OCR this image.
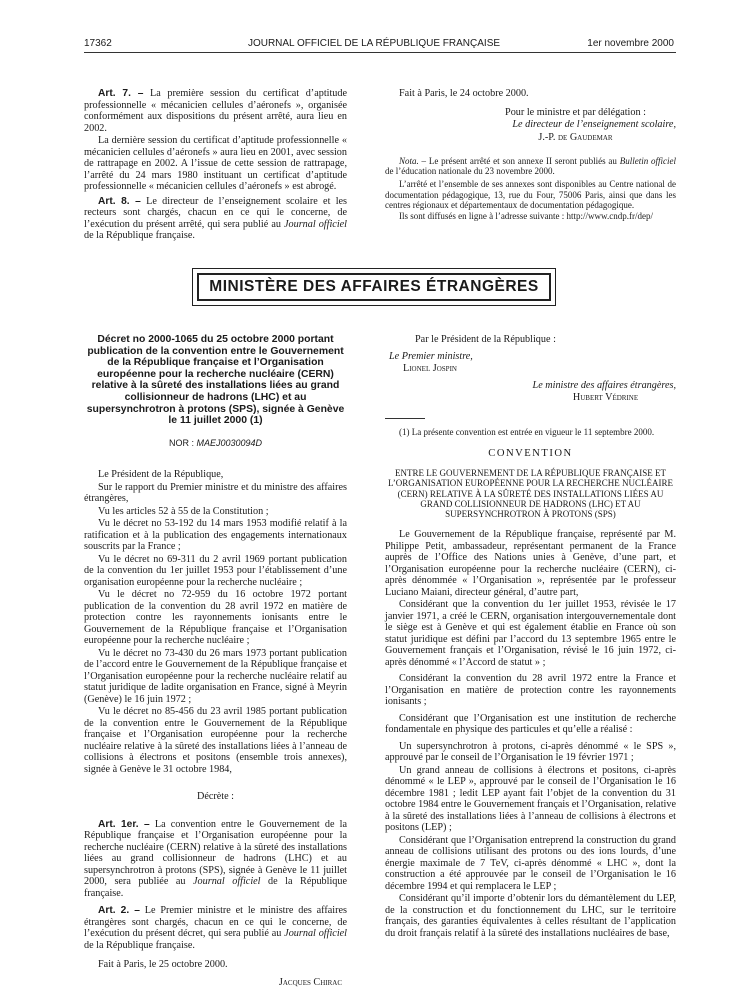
17362	JOURNAL OFFICIEL DE LA RÉPUBLIQUE FRANÇAISE	1er novembre 2000

Art. 7. – La première session du certificat d’aptitude professionnelle « mécanicien cellules d’aéronefs », organisée conformément aux dispositions du présent arrêté, aura lieu en 2002.

La dernière session du certificat d’aptitude professionnelle « mécanicien cellules d’aéronefs » aura lieu en 2001, avec session de rattrapage en 2002. A l’issue de cette session de rattrapage, l’arrêté du 24 mars 1980 instituant un certificat d’aptitude professionnelle « mécanicien cellules d’aéronefs » est abrogé.

Art. 8. – Le directeur de l’enseignement scolaire et les recteurs sont chargés, chacun en ce qui le concerne, de l’exécution du présent arrêté, qui sera publié au Journal officiel de la République française.

Fait à Paris, le 24 octobre 2000.

Pour le ministre et par délégation :

Le directeur de l’enseignement scolaire,

J.-P. de Gaudemar

Nota. – Le présent arrêté et son annexe II seront publiés au Bulletin officiel de l’éducation nationale du 23 novembre 2000.

L’arrêté et l’ensemble de ses annexes sont disponibles au Centre national de documentation pédagogique, 13, rue du Four, 75006 Paris, ainsi que dans les centres régionaux et départementaux de documentation pédagogique.

Ils sont diffusés en ligne à l’adresse suivante : http://www.cndp.fr/dep/

MINISTÈRE DES AFFAIRES ÉTRANGÈRES

Décret no 2000-1065 du 25 octobre 2000 portant publication de la convention entre le Gouvernement de la République française et l’Organisation européenne pour la recherche nucléaire (CERN) relative à la sûreté des installations liées au grand collisionneur de hadrons (LHC) et au supersynchrotron à protons (SPS), signée à Genève le 11 juillet 2000 (1)

NOR : MAEJ0030094D

Le Président de la République,

Sur le rapport du Premier ministre et du ministre des affaires étrangères,

Vu les articles 52 à 55 de la Constitution ;

Vu le décret no 53-192 du 14 mars 1953 modifié relatif à la ratification et à la publication des engagements internationaux souscrits par la France ;

Vu le décret no 69-311 du 2 avril 1969 portant publication de la convention du 1er juillet 1953 pour l’établissement d’une organisation européenne pour la recherche nucléaire ;

Vu le décret no 72-959 du 16 octobre 1972 portant publication de la convention du 28 avril 1972 en matière de protection contre les rayonnements ionisants entre le Gouvernement de la République française et l’Organisation européenne pour la recherche nucléaire ;

Vu le décret no 73-430 du 26 mars 1973 portant publication de l’accord entre le Gouvernement de la République française et l’Organisation européenne pour la recherche nucléaire relatif au statut juridique de ladite organisation en France, signé à Meyrin (Genève) le 16 juin 1972 ;

Vu le décret no 85-456 du 23 avril 1985 portant publication de la convention entre le Gouvernement de la République française et l’Organisation européenne pour la recherche nucléaire relative à la sûreté des installations liées à l’anneau de collisions à électrons et positons (ensemble trois annexes), signée à Genève le 31 octobre 1984,

Décrète :

Art. 1er. – La convention entre le Gouvernement de la République française et l’Organisation européenne pour la recherche nucléaire (CERN) relative à la sûreté des installations liées au grand collisionneur de hadrons (LHC) et au supersynchrotron à protons (SPS), signée à Genève le 11 juillet 2000, sera publiée au Journal officiel de la République française.

Art. 2. – Le Premier ministre et le ministre des affaires étrangères sont chargés, chacun en ce qui le concerne, de l’exécution du présent décret, qui sera publié au Journal officiel de la République française.

Fait à Paris, le 25 octobre 2000.

Jacques Chirac

Par le Président de la République :

Le Premier ministre,

Lionel Jospin

Le ministre des affaires étrangères,

Hubert Védrine

(1) La présente convention est entrée en vigueur le 11 septembre 2000.

CONVENTION

ENTRE LE GOUVERNEMENT DE LA RÉPUBLIQUE FRANÇAISE ET L’ORGANISATION EUROPÉENNE POUR LA RECHERCHE NUCLÉAIRE (CERN) RELATIVE À LA SÛRETÉ DES INSTALLATIONS LIÉES AU GRAND COLLISIONNEUR DE HADRONS (LHC) ET AU SUPERSYNCHROTRON À PROTONS (SPS)

Le Gouvernement de la République française, représenté par M. Philippe Petit, ambassadeur, représentant permanent de la France auprès de l’Office des Nations unies à Genève, d’une part, et l’Organisation européenne pour la recherche nucléaire (CERN), ci-après dénommée « l’Organisation », représentée par le professeur Luciano Maiani, directeur général, d’autre part,

Considérant que la convention du 1er juillet 1953, révisée le 17 janvier 1971, a créé le CERN, organisation intergouvernementale dont le siège est à Genève et qui est également établie en France où son statut juridique est défini par l’accord du 13 septembre 1965 entre le Gouvernement français et l’Organisation, révisé le 16 juin 1972, ci-après dénommé « l’Accord de statut » ;

Considérant la convention du 28 avril 1972 entre la France et l’Organisation en matière de protection contre les rayonnements ionisants ;

Considérant que l’Organisation est une institution de recherche fondamentale en physique des particules et qu’elle a réalisé :

Un supersynchrotron à protons, ci-après dénommé « le SPS », approuvé par le conseil de l’Organisation le 19 février 1971 ;

Un grand anneau de collisions à électrons et positons, ci-après dénommé « le LEP », approuvé par le conseil de l’Organisation le 16 décembre 1981 ; ledit LEP ayant fait l’objet de la convention du 31 octobre 1984 entre le Gouvernement français et l’Organisation, relative à la sûreté des installations liées à l’anneau de collisions à électrons et positons (LEP) ;

Considérant que l’Organisation entreprend la construction du grand anneau de collisions utilisant des protons ou des ions lourds, d’une énergie maximale de 7 TeV, ci-après dénommé « LHC », dont la construction a été approuvée par le conseil de l’Organisation le 16 décembre 1994 et qui remplacera le LEP ;

Considérant qu’il importe d’obtenir lors du démantèlement du LEP, de la construction et du fonctionnement du LHC, sur le territoire français, des garanties équivalentes à celles résultant de l’application du droit français relatif à la sûreté des installations nucléaires de base,
